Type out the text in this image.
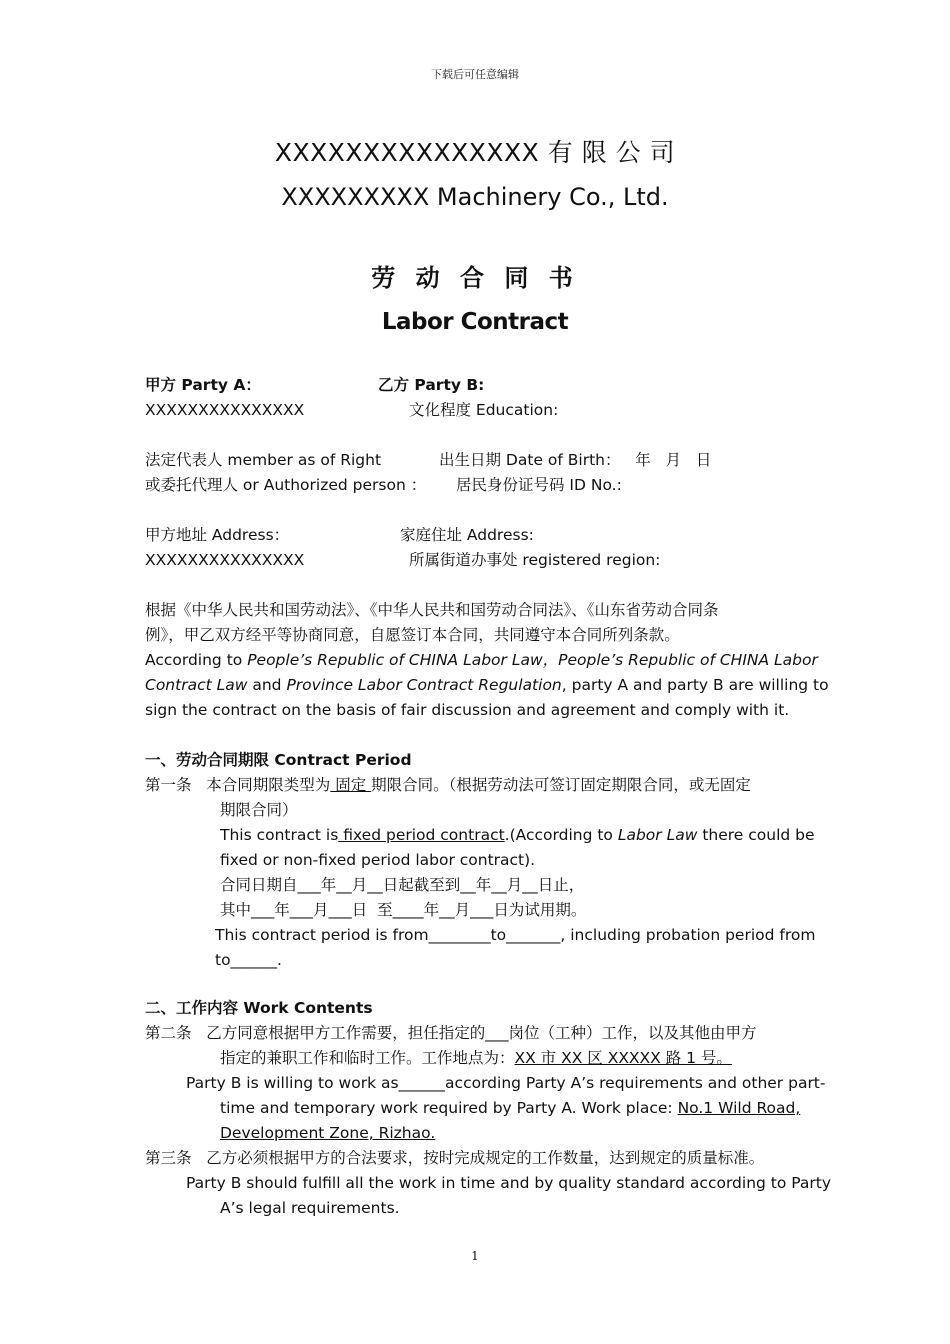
下载后可任意编辑
XXXXXXXXXXXXXXX 有 限 公 司
XXXXXXXXX Machinery Co., Ltd.
劳 动 合 同 书
Labor Contract
甲方 Party A：	乙方 Party B:
XXXXXXXXXXXXXXX	文化程度 Education:
法定代表人 member as of Right	出生日期 Date of Birth：   年   月   日
或委托代理人 or Authorized person ： 居民身份证号码 ID No.:
甲方地址 Address：	家庭住址 Address:
XXXXXXXXXXXXXXX	所属街道办事处 registered region:
根据《中华人民共和国劳动法》、《中华人民共和国劳动合同法》、《山东省劳动合同条
例》，甲乙双方经平等协商同意，自愿签订本合同，共同遵守本合同所列条款。
According to People’s Republic of CHINA Labor Law，People’s Republic of CHINA Labor
Contract Law and Province Labor Contract Regulation, party A and party B are willing to
sign the contract on the basis of fair discussion and agreement and comply with it.
一、劳动合同期限 Contract Period
第一条   本合同期限类型为 固定 期限合同。（根据劳动法可签订固定期限合同，或无固定
期限合同）
This contract is fixed period contract.(According to Labor Law there could be
fixed or non-fixed period labor contract).
合同日期自___年__月__日起截至到__年__月__日止，
其中___年___月___日  至____年__月___日为试用期。
This contract period is from________to_______, including probation period from
to______.
二、工作内容 Work Contents
第二条   乙方同意根据甲方工作需要，担任指定的___岗位（工种）工作，以及其他由甲方
指定的兼职工作和临时工作。工作地点为：XX 市 XX 区 XXXXX 路 1 号。
Party B is willing to work as______according Party A’s requirements and other part-
time and temporary work required by Party A. Work place: No.1 Wild Road,
Development Zone, Rizhao.
第三条   乙方必须根据甲方的合法要求，按时完成规定的工作数量，达到规定的质量标准。
Party B should fulfill all the work in time and by quality standard according to Party
A’s legal requirements.
1
